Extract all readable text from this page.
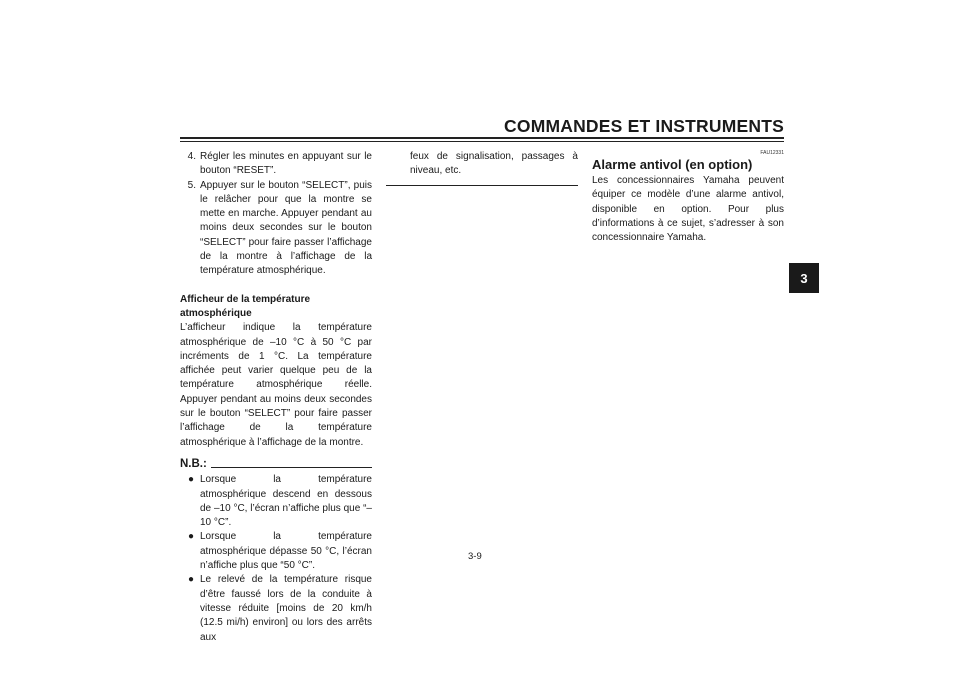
COMMANDES ET INSTRUMENTS
3
4. Régler les minutes en appuyant sur le bouton “RESET”.
5. Appuyer sur le bouton “SELECT”, puis le relâcher pour que la montre se mette en marche. Appuyer pendant au moins deux secondes sur le bouton “SELECT” pour faire passer l’affichage de la montre à l’affichage de la température atmosphérique.
Afficheur de la température atmosphérique

L’afficheur indique la température atmosphérique de –10 °C à 50 °C par incréments de 1 °C. La température affichée peut varier quelque peu de la température atmosphérique réelle. Appuyer pendant au moins deux secondes sur le bouton “SELECT” pour faire passer l’affichage de la température atmosphérique à l’affichage de la montre.

N.B.:
● Lorsque la température atmosphérique descend en dessous de –10 °C, l’écran n’affiche plus que “–10 °C”.
● Lorsque la température atmosphérique dépasse 50 °C, l’écran n’affiche plus que “50 °C”.
● Le relevé de la température risque d’être faussé lors de la conduite à vitesse réduite [moins de 20 km/h (12.5 mi/h) environ] ou lors des arrêts aux

feux de signalisation, passages à niveau, etc.

FAU12331
Alarme antivol (en option)

Les concessionnaires Yamaha peuvent équiper ce modèle d’une alarme antivol, disponible en option. Pour plus d’informations à ce sujet, s’adresser à son concessionnaire Yamaha.

3-9
